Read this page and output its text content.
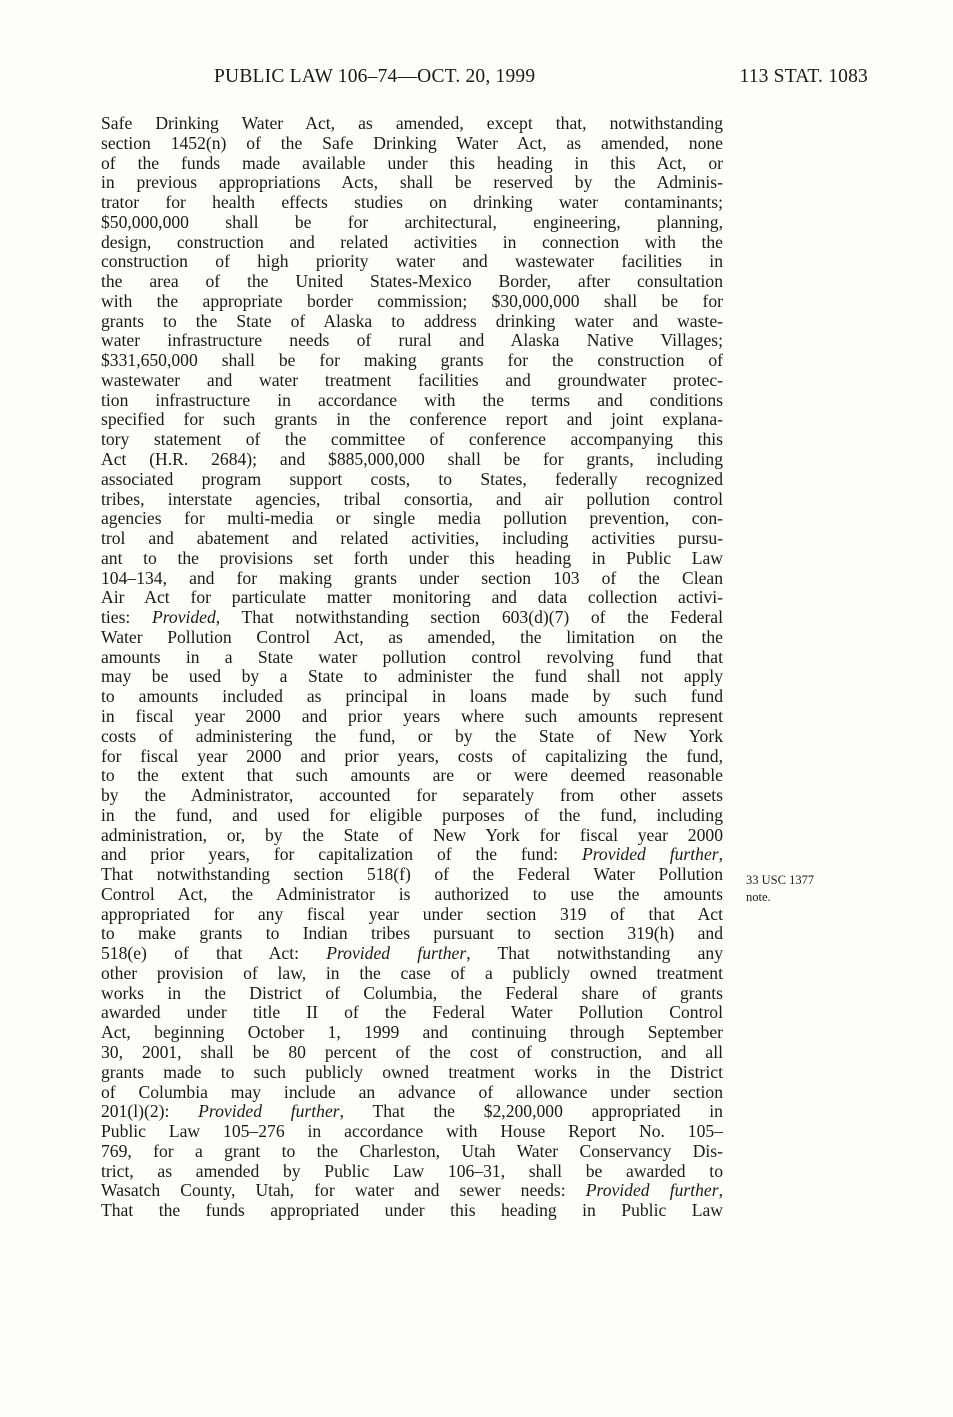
PUBLIC LAW 106–74—OCT. 20, 1999	113 STAT. 1083
Safe Drinking Water Act, as amended, except that, notwithstanding
section 1452(n) of the Safe Drinking Water Act, as amended, none
of the funds made available under this heading in this Act, or
in previous appropriations Acts, shall be reserved by the Adminis-
trator for health effects studies on drinking water contaminants;
$50,000,000 shall be for architectural, engineering, planning,
design, construction and related activities in connection with the
construction of high priority water and wastewater facilities in
the area of the United States-Mexico Border, after consultation
with the appropriate border commission; $30,000,000 shall be for
grants to the State of Alaska to address drinking water and waste-
water infrastructure needs of rural and Alaska Native Villages;
$331,650,000 shall be for making grants for the construction of
wastewater and water treatment facilities and groundwater protec-
tion infrastructure in accordance with the terms and conditions
specified for such grants in the conference report and joint explana-
tory statement of the committee of conference accompanying this
Act (H.R. 2684); and $885,000,000 shall be for grants, including
associated program support costs, to States, federally recognized
tribes, interstate agencies, tribal consortia, and air pollution control
agencies for multi-media or single media pollution prevention, con-
trol and abatement and related activities, including activities pursu-
ant to the provisions set forth under this heading in Public Law
104–134, and for making grants under section 103 of the Clean
Air Act for particulate matter monitoring and data collection activi-
ties: Provided, That notwithstanding section 603(d)(7) of the Federal
Water Pollution Control Act, as amended, the limitation on the
amounts in a State water pollution control revolving fund that
may be used by a State to administer the fund shall not apply
to amounts included as principal in loans made by such fund
in fiscal year 2000 and prior years where such amounts represent
costs of administering the fund, or by the State of New York
for fiscal year 2000 and prior years, costs of capitalizing the fund,
to the extent that such amounts are or were deemed reasonable
by the Administrator, accounted for separately from other assets
in the fund, and used for eligible purposes of the fund, including
administration, or, by the State of New York for fiscal year 2000
and prior years, for capitalization of the fund: Provided further,
That notwithstanding section 518(f) of the Federal Water Pollution
Control Act, the Administrator is authorized to use the amounts
appropriated for any fiscal year under section 319 of that Act
to make grants to Indian tribes pursuant to section 319(h) and
518(e) of that Act: Provided further, That notwithstanding any
other provision of law, in the case of a publicly owned treatment
works in the District of Columbia, the Federal share of grants
awarded under title II of the Federal Water Pollution Control
Act, beginning October 1, 1999 and continuing through September
30, 2001, shall be 80 percent of the cost of construction, and all
grants made to such publicly owned treatment works in the District
of Columbia may include an advance of allowance under section
201(l)(2): Provided further, That the $2,200,000 appropriated in
Public Law 105–276 in accordance with House Report No. 105–
769, for a grant to the Charleston, Utah Water Conservancy Dis-
trict, as amended by Public Law 106–31, shall be awarded to
Wasatch County, Utah, for water and sewer needs: Provided further,
That the funds appropriated under this heading in Public Law
33 USC 1377
note.
